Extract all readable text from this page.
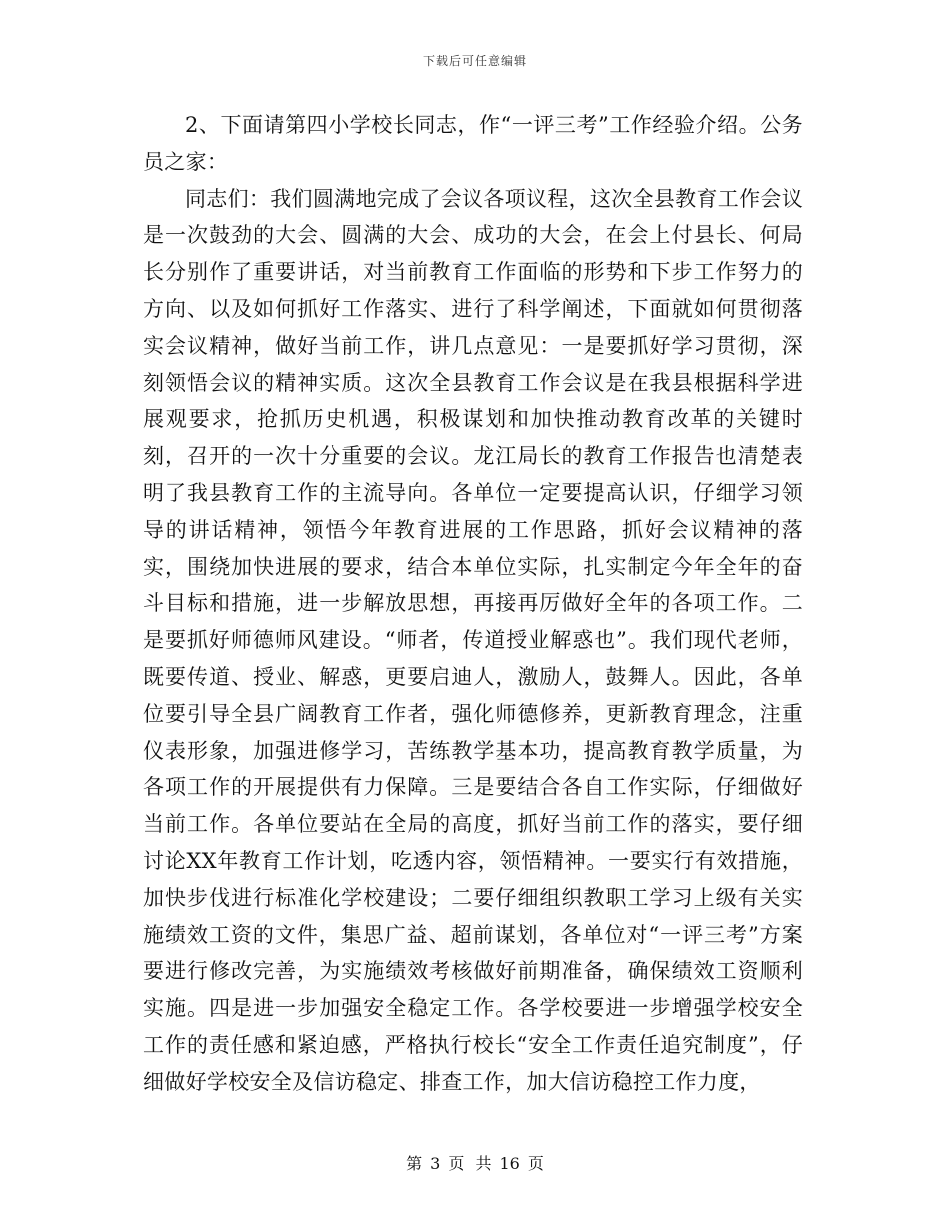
下载后可任意编辑

2、下面请第四小学校长同志，作“一评三考”工作经验介绍。公务员之家：

同志们：我们圆满地完成了会议各项议程，这次全县教育工作会议是一次鼓劲的大会、圆满的大会、成功的大会，在会上付县长、何局长分别作了重要讲话，对当前教育工作面临的形势和下步工作努力的方向、以及如何抓好工作落实、进行了科学阐述，下面就如何贯彻落实会议精神，做好当前工作，讲几点意见：一是要抓好学习贯彻，深刻领悟会议的精神实质。这次全县教育工作会议是在我县根据科学进展观要求，抢抓历史机遇，积极谋划和加快推动教育改革的关键时刻，召开的一次十分重要的会议。龙江局长的教育工作报告也清楚表明了我县教育工作的主流导向。各单位一定要提高认识，仔细学习领导的讲话精神，领悟今年教育进展的工作思路，抓好会议精神的落实，围绕加快进展的要求，结合本单位实际，扎实制定今年全年的奋斗目标和措施，进一步解放思想，再接再厉做好全年的各项工作。二是要抓好师德师风建设。“师者，传道授业解惑也”。我们现代老师，既要传道、授业、解惑，更要启迪人，激励人，鼓舞人。因此，各单位要引导全县广阔教育工作者，强化师德修养，更新教育理念，注重仪表形象，加强进修学习，苦练教学基本功，提高教育教学质量，为各项工作的开展提供有力保障。三是要结合各自工作实际，仔细做好当前工作。各单位要站在全局的高度，抓好当前工作的落实，要仔细讨论XX年教育工作计划，吃透内容，领悟精神。一要实行有效措施，加快步伐进行标准化学校建设；二要仔细组织教职工学习上级有关实施绩效工资的文件，集思广益、超前谋划，各单位对“一评三考”方案要进行修改完善，为实施绩效考核做好前期准备，确保绩效工资顺利实施。四是进一步加强安全稳定工作。各学校要进一步增强学校安全工作的责任感和紧迫感，严格执行校长“安全工作责任追究制度”，仔细做好学校安全及信访稳定、排查工作，加大信访稳控工作力度，

第 3 页 共 16 页
